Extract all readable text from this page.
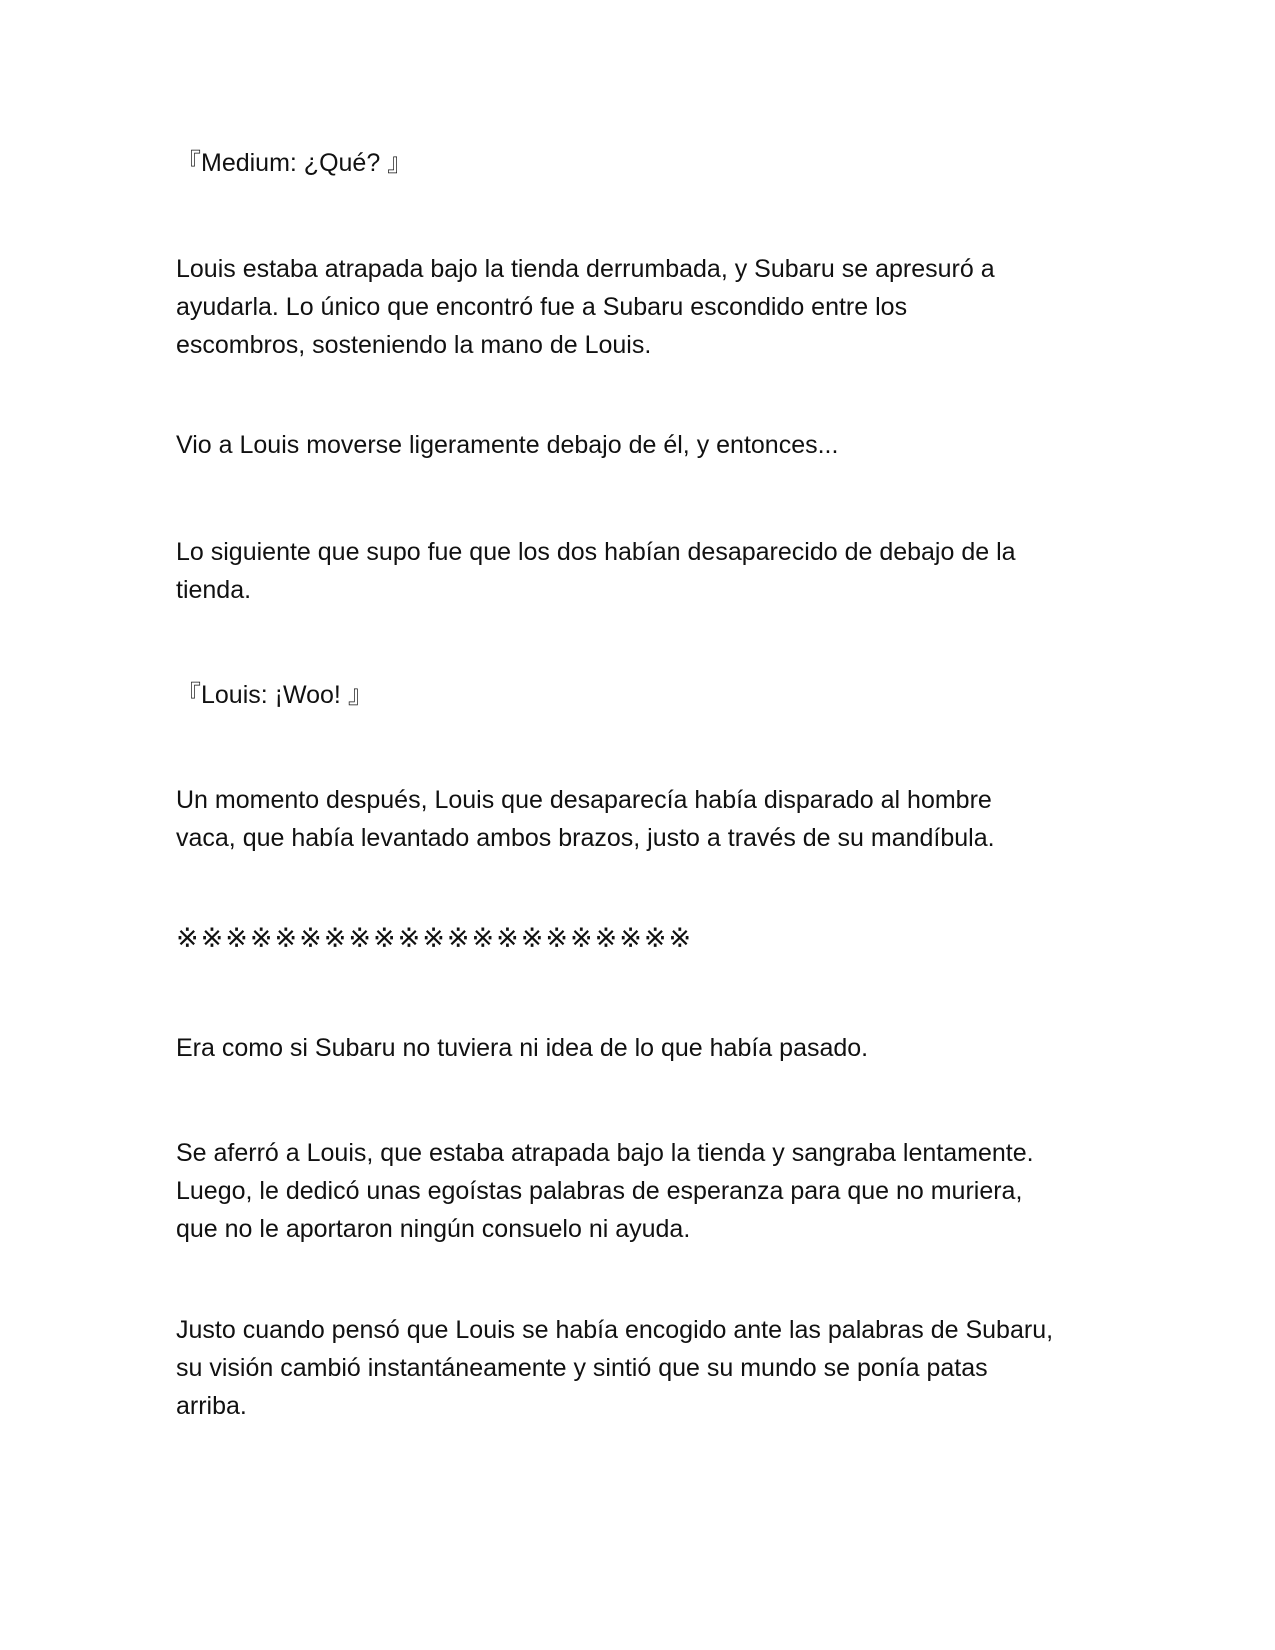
『Medium: ¿Qué? 』

Louis estaba atrapada bajo la tienda derrumbada, y Subaru se apresuró a
ayudarla. Lo único que encontró fue a Subaru escondido entre los
escombros, sosteniendo la mano de Louis.
Vio a Louis moverse ligeramente debajo de él, y entonces...
Lo siguiente que supo fue que los dos habían desaparecido de debajo de la
tienda.

『Louis: ¡Woo! 』

Un momento después, Louis que desaparecía había disparado al hombre
vaca, que había levantado ambos brazos, justo a través de su mandíbula.

※※※※※※※※※※※※※※※※※※※※※

Era como si Subaru no tuviera ni idea de lo que había pasado.
Se aferró a Louis, que estaba atrapada bajo la tienda y sangraba lentamente.
Luego, le dedicó unas egoístas palabras de esperanza para que no muriera,
que no le aportaron ningún consuelo ni ayuda.
Justo cuando pensó que Louis se había encogido ante las palabras de Subaru,
su visión cambió instantáneamente y sintió que su mundo se ponía patas
arriba.
